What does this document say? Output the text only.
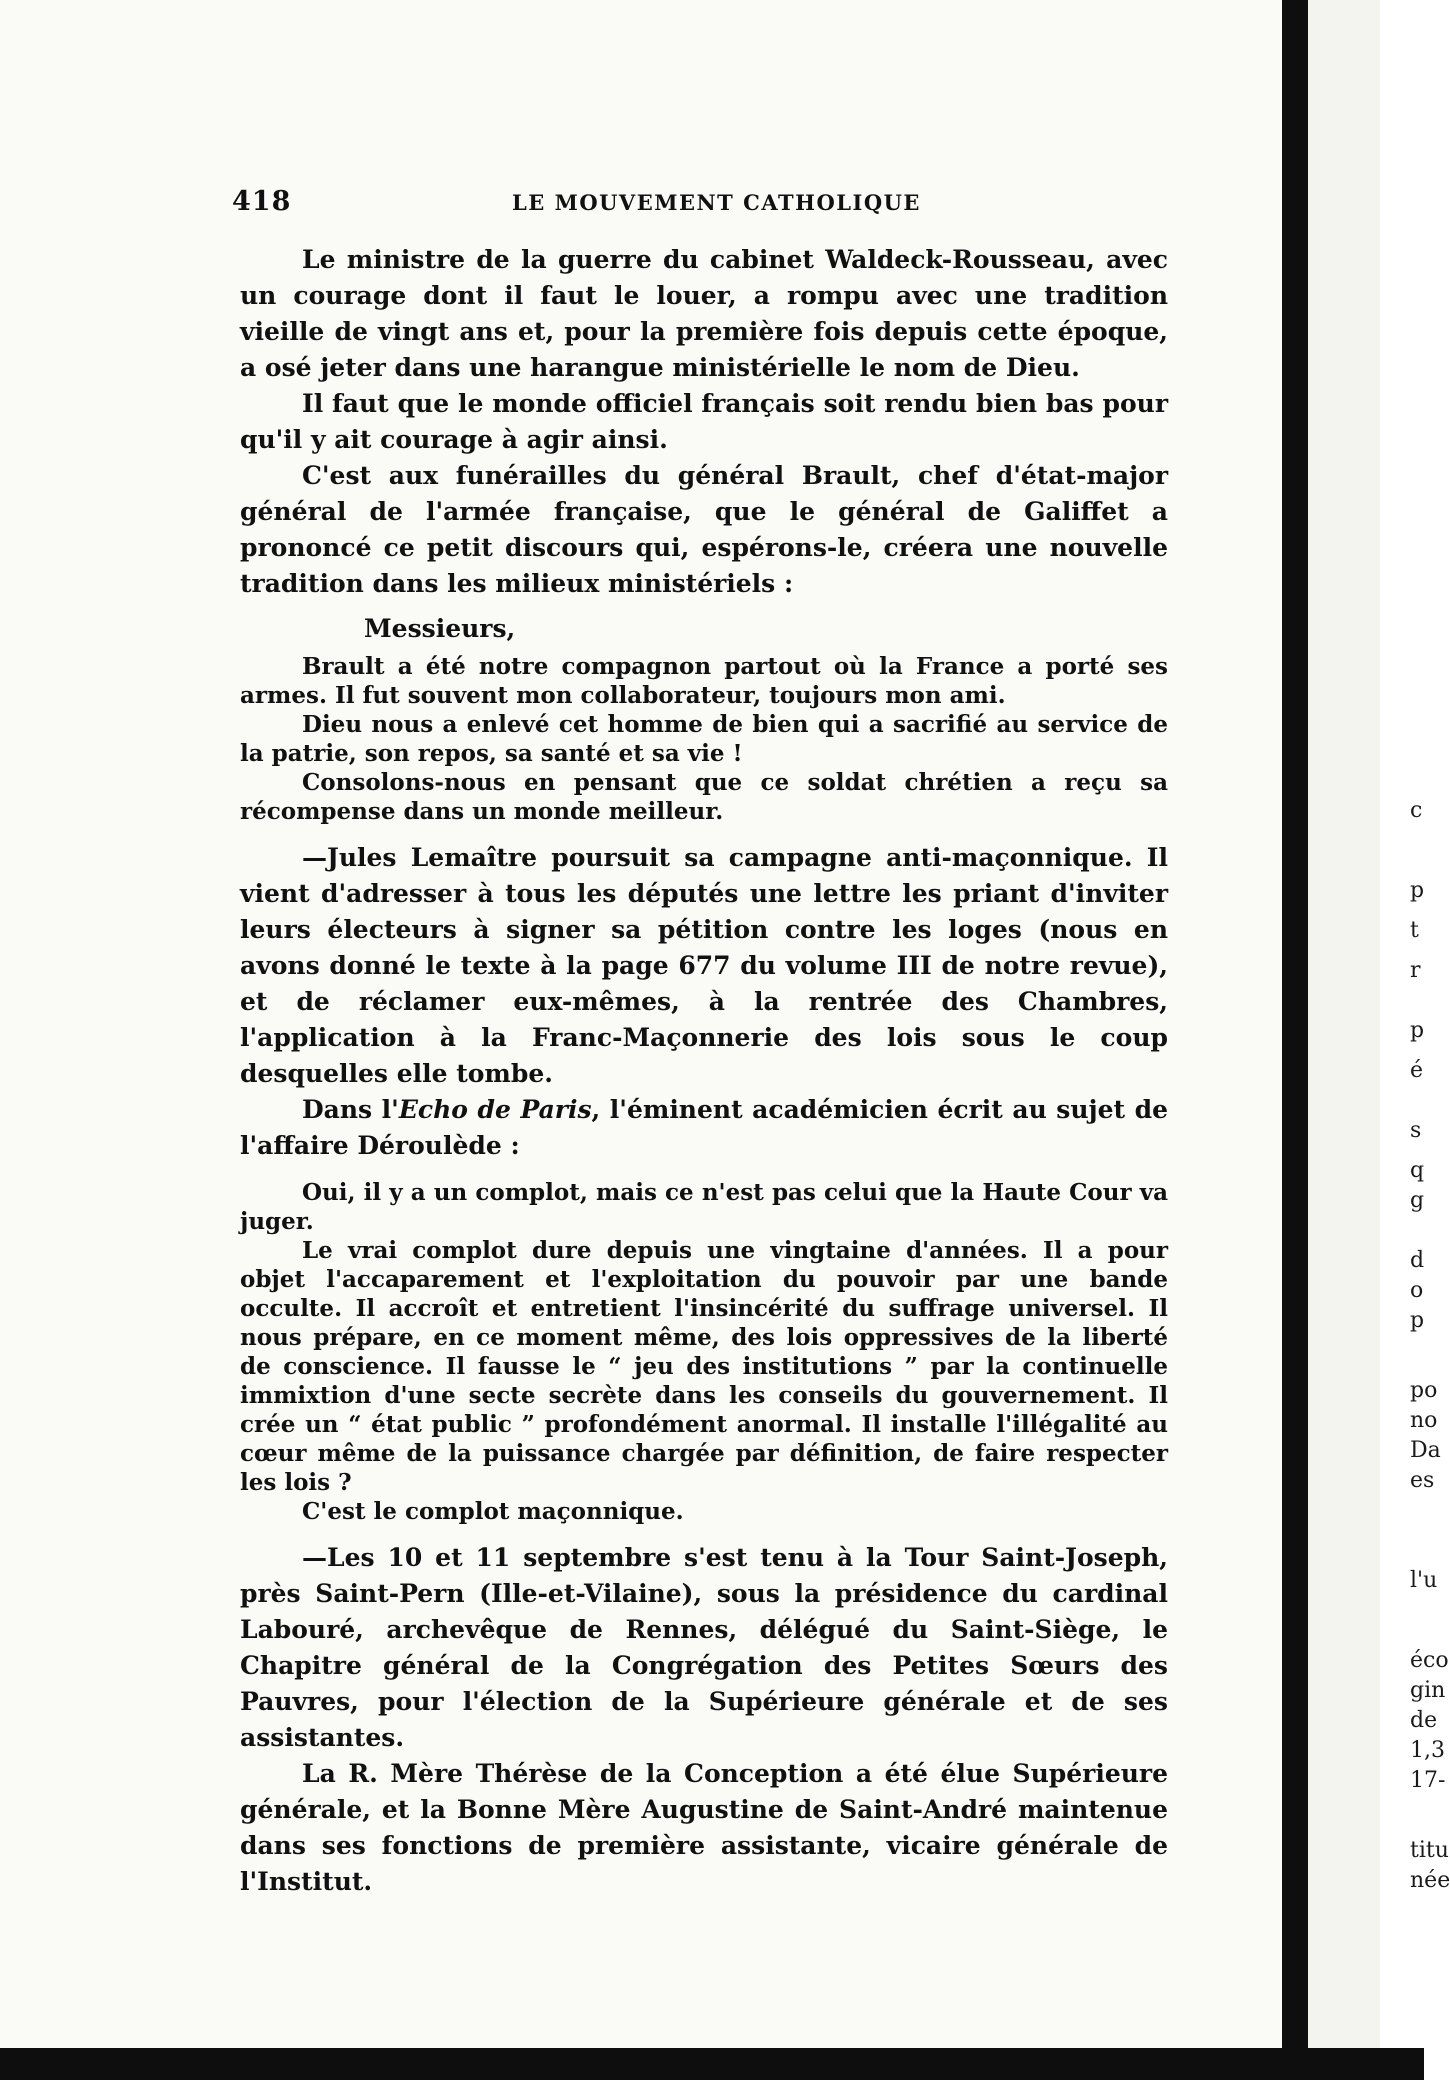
418	LE MOUVEMENT CATHOLIQUE

Le ministre de la guerre du cabinet Waldeck-Rousseau, avec un courage dont il faut le louer, a rompu avec une tradition vieille de vingt ans et, pour la première fois depuis cette époque, a osé jeter dans une harangue ministérielle le nom de Dieu.

Il faut que le monde officiel français soit rendu bien bas pour qu'il y ait courage à agir ainsi.

C'est aux funérailles du général Brault, chef d'état-major général de l'armée française, que le général de Galiffet a prononcé ce petit discours qui, espérons-le, créera une nouvelle tradition dans les milieux ministériels :

Messieurs,

Brault a été notre compagnon partout où la France a porté ses armes. Il fut souvent mon collaborateur, toujours mon ami.

Dieu nous a enlevé cet homme de bien qui a sacrifié au service de la patrie, son repos, sa santé et sa vie !

Consolons-nous en pensant que ce soldat chrétien a reçu sa récompense dans un monde meilleur.

—Jules Lemaître poursuit sa campagne anti-maçonnique. Il vient d'adresser à tous les députés une lettre les priant d'inviter leurs électeurs à signer sa pétition contre les loges (nous en avons donné le texte à la page 677 du volume III de notre revue), et de réclamer eux-mêmes, à la rentrée des Chambres, l'application à la Franc-Maçonnerie des lois sous le coup desquelles elle tombe.

Dans l'Echo de Paris, l'éminent académicien écrit au sujet de l'affaire Déroulède :

Oui, il y a un complot, mais ce n'est pas celui que la Haute Cour va juger.

Le vrai complot dure depuis une vingtaine d'années. Il a pour objet l'accaparement et l'exploitation du pouvoir par une bande occulte. Il accroît et entretient l'insincérité du suffrage universel. Il nous prépare, en ce moment même, des lois oppressives de la liberté de conscience. Il fausse le “ jeu des institutions ” par la continuelle immixtion d'une secte secrète dans les conseils du gouvernement. Il crée un “ état public ” profondément anormal. Il installe l'illégalité au cœur même de la puissance chargée par définition, de faire respecter les lois ?

C'est le complot maçonnique.

—Les 10 et 11 septembre s'est tenu à la Tour Saint-Joseph, près Saint-Pern (Ille-et-Vilaine), sous la présidence du cardinal Labouré, archevêque de Rennes, délégué du Saint-Siège, le Chapitre général de la Congrégation des Petites Sœurs des Pauvres, pour l'élection de la Supérieure générale et de ses assistantes.

La R. Mère Thérèse de la Conception a été élue Supérieure générale, et la Bonne Mère Augustine de Saint-André maintenue dans ses fonctions de première assistante, vicaire générale de l'Institut.

c
p
t
r
p
é
s
q
g
d
o
p
po
no
Da
es
l'u
éco
gin
de
1,3
17-
titu
née
